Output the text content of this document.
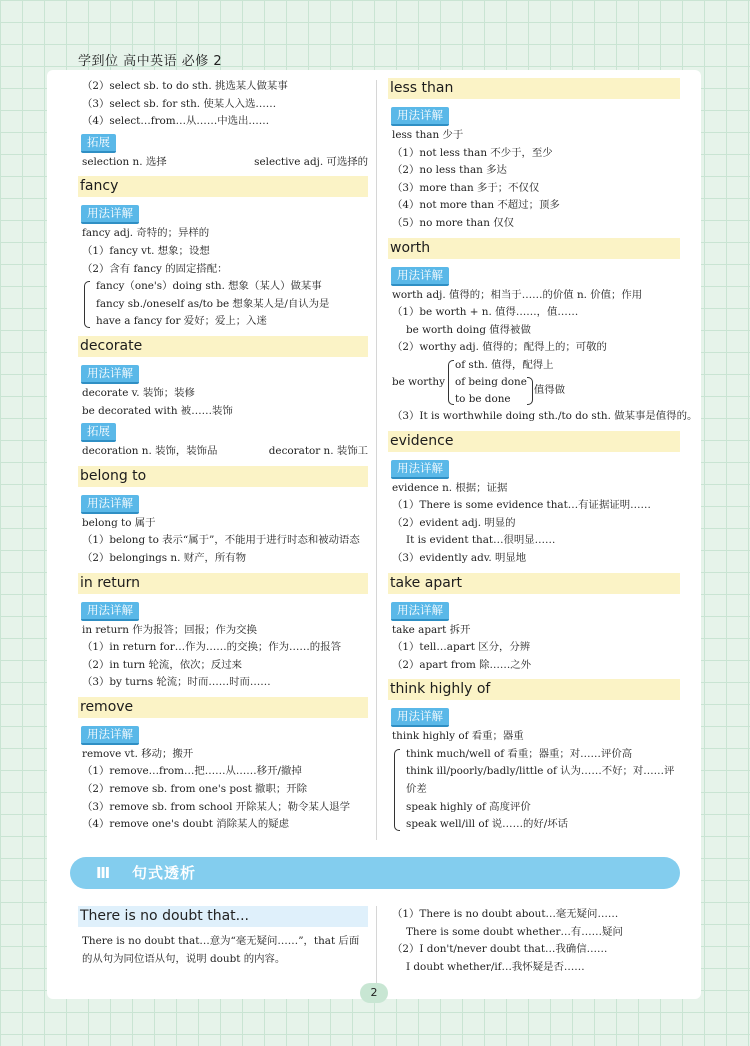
学到位 高中英语 必修 2
（2）select sb. to do sth. 挑选某人做某事
（3）select sb. for sth. 使某人入选……
（4）select…from…从……中选出……
拓展
selection n. 选择	selective adj. 可选择的
fancy
用法详解
fancy adj. 奇特的；异样的
（1）fancy vt. 想象；设想
（2）含有 fancy 的固定搭配：
fancy（one's）doing sth. 想象（某人）做某事
fancy sb./oneself as/to be 想象某人是/自认为是
have a fancy for 爱好；爱上；入迷
decorate
用法详解
decorate v. 装饰；装修
be decorated with 被……装饰
拓展
decoration n. 装饰，装饰品	decorator n. 装饰工
belong to
用法详解
belong to 属于
（1）belong to 表示“属于”，不能用于进行时态和被动语态
（2）belongings n. 财产，所有物
in return
用法详解
in return 作为报答；回报；作为交换
（1）in return for…作为……的交换；作为……的报答
（2）in turn 轮流，依次；反过来
（3）by turns 轮流；时而……时而……
remove
用法详解
remove vt. 移动；搬开
（1）remove…from…把……从……移开/撤掉
（2）remove sb. from one's post 撤职；开除
（3）remove sb. from school 开除某人；勒令某人退学
（4）remove one's doubt 消除某人的疑虑
less than
用法详解
less than 少于
（1）not less than 不少于，至少
（2）no less than 多达
（3）more than 多于；不仅仅
（4）not more than 不超过；顶多
（5）no more than 仅仅
worth
用法详解
worth adj. 值得的；相当于……的价值 n. 价值；作用
（1）be worth + n. 值得……，值……
be worth doing 值得被做
（2）worthy adj. 值得的；配得上的；可敬的
be worthy
of sth. 值得，配得上
of being done
to be done
值得做
（3）It is worthwhile doing sth./to do sth. 做某事是值得的。
evidence
用法详解
evidence n. 根据；证据
（1）There is some evidence that…有证据证明……
（2）evident adj. 明显的
It is evident that…很明显……
（3）evidently adv. 明显地
take apart
用法详解
take apart 拆开
（1）tell…apart 区分，分辨
（2）apart from 除……之外
think highly of
用法详解
think highly of 看重；器重
think much/well of 看重；器重；对……评价高
think ill/poorly/badly/little of 认为……不好；对……评价差
speak highly of 高度评价
speak well/ill of 说……的好/坏话
Ⅲ 句式透析
There is no doubt that...
There is no doubt that…意为“毫无疑问……”，that 后面的从句为同位语从句，说明 doubt 的内容。
（1）There is no doubt about…毫无疑问……
There is some doubt whether…有……疑问
（2）I don't/never doubt that…我确信……
I doubt whether/if…我怀疑是否……
2
